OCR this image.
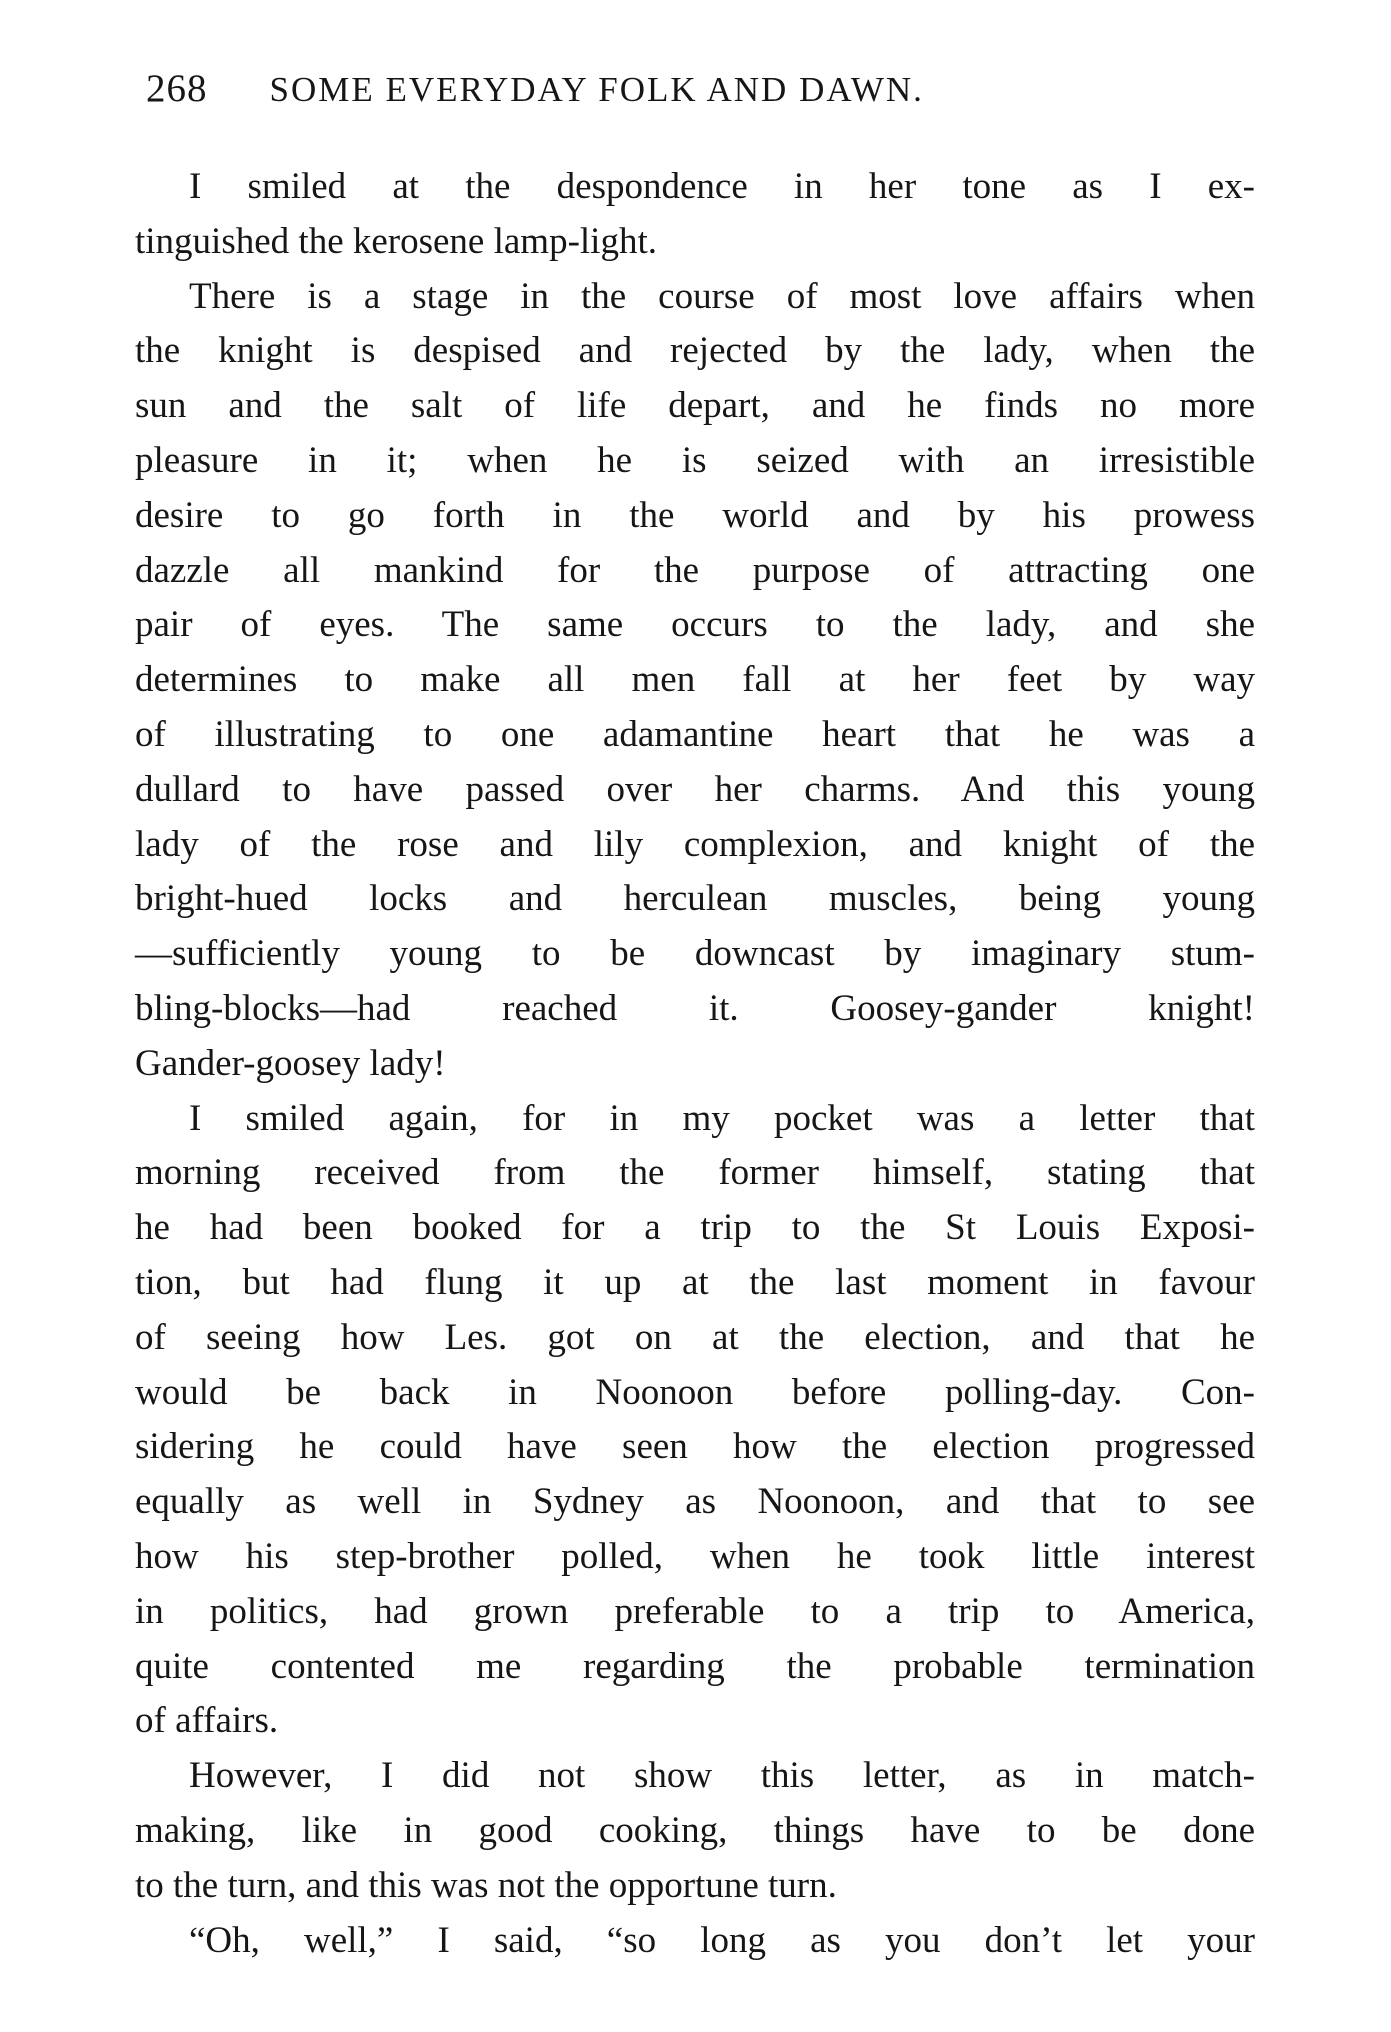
268 SOME EVERYDAY FOLK AND DAWN.
I smiled at the despondence in her tone as I ex-
tinguished the kerosene lamp-light.
There is a stage in the course of most love affairs when
the knight is despised and rejected by the lady, when the
sun and the salt of life depart, and he finds no more
pleasure in it; when he is seized with an irresistible
desire to go forth in the world and by his prowess
dazzle all mankind for the purpose of attracting one
pair of eyes. The same occurs to the lady, and she
determines to make all men fall at her feet by way
of illustrating to one adamantine heart that he was a
dullard to have passed over her charms. And this young
lady of the rose and lily complexion, and knight of the
bright-hued locks and herculean muscles, being young
—sufficiently young to be downcast by imaginary stum-
bling-blocks—had reached it. Goosey-gander knight!
Gander-goosey lady!
I smiled again, for in my pocket was a letter that
morning received from the former himself, stating that
he had been booked for a trip to the St Louis Exposi-
tion, but had flung it up at the last moment in favour
of seeing how Les. got on at the election, and that he
would be back in Noonoon before polling-day. Con-
sidering he could have seen how the election progressed
equally as well in Sydney as Noonoon, and that to see
how his step-brother polled, when he took little interest
in politics, had grown preferable to a trip to America,
quite contented me regarding the probable termination
of affairs.
However, I did not show this letter, as in match-
making, like in good cooking, things have to be done
to the turn, and this was not the opportune turn.
“Oh, well,” I said, “so long as you don’t let your
